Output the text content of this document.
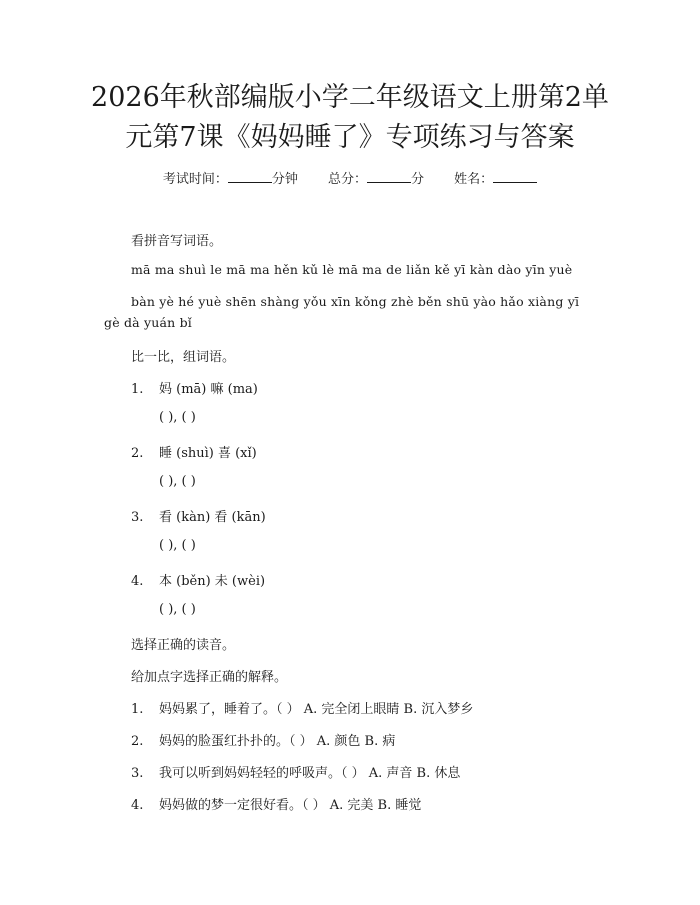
2026年秋部编版小学二年级语文上册第2单
元第7课《妈妈睡了》专项练习与答案
考试时间：	分钟 总分：	分 姓名：
看拼音写词语。
mā ma shuì le mā ma hěn kǔ lè mā ma de liǎn kě yī kàn dào yīn yuè
bàn yè hé yuè shēn shàng yǒu xīn kǒng zhè běn shū yào hǎo xiàng yī
gè dà yuán bǐ
比一比，组词语。
1. 妈 (mā) 嘛 (ma)
( ), ( )
2. 睡 (shuì) 喜 (xǐ)
( ), ( )
3. 看 (kàn) 看 (kān)
( ), ( )
4. 本 (běn) 未 (wèi)
( ), ( )
选择正确的读音。
给加点字选择正确的解释。
1. 妈妈累了，睡着了。（ ） A. 完全闭上眼睛 B. 沉入梦乡
2. 妈妈的脸蛋红扑扑的。（ ） A. 颜色 B. 病
3. 我可以听到妈妈轻轻的呼吸声。（ ） A. 声音 B. 休息
4. 妈妈做的梦一定很好看。（ ） A. 完美 B. 睡觉
